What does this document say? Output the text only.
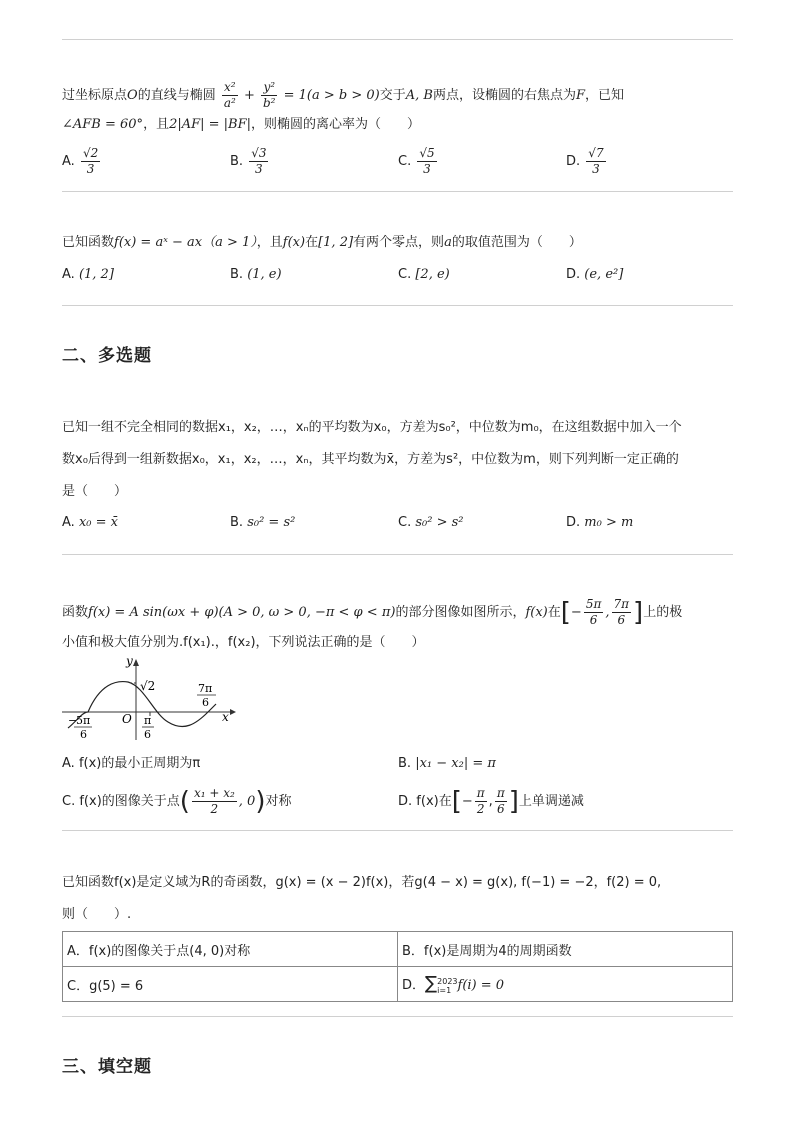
过坐标原点O的直线与椭圆 $\frac{\text{x²}}{\text{a²}} + \frac{\text{y²}}{\text{b²}} = 1(a > b > 0)$交于A, B两点，设椭圆的右焦点为F，已知
∠AFB = 60°，且2|AF| = |BF|，则椭圆的离心率为（　　）
A. $\frac{√2}{3}$	B. $\frac{√3}{3}$	C. $\frac{√5}{3}$	D. $\frac{√7}{3}$
已知函数f(x) = aˣ − ax（a > 1），且f(x)在[1, 2]有两个零点，则a的取值范围为（　　）
A. (1, 2]	B. (1, e)	C. [2, e)	D. (e, e²]
二、多选题
已知一组不完全相同的数据x₁，x₂，…，xₙ的平均数为x₀，方差为s₀²，中位数为m₀，在这组数据中加入一个
数x₀后得到一组新数据x₀，x₁，x₂，…，xₙ，其平均数为x̄，方差为s²，中位数为m，则下列判断一定正确的
是（　　）
A. x₀ = x̄	B. s₀² = s²	C. s₀² > s²	D. m₀ > m
函数f(x) = A sin(ωx + φ)(A > 0, ω > 0, −π < φ < π)的部分图像如图所示，f(x)在[− $\frac{5\pi}{6}$ , $\frac{7\pi}{6}$ ]上的极
小值和极大值分别为.f(x₁).，f(x₂)，下列说法正确的是（　　）
y
x
O
√2
−
5π
6
π
6
7π
6
A. f(x)的最小正周期为π	B. |x₁ − x₂| = π
C. f(x)的图像关于点( $\frac{\text{x₁ + x₂}}{2}$ , 0)对称	D. f(x)在[− $\frac{\pi}{2}$ , $\frac{\pi}{6}$ ]上单调递减
已知函数f(x)是定义域为R的奇函数，g(x) = (x − 2)f(x)，若g(4 − x) = g(x), f(−1) = −2，f(2) = 0,
则（　　）.
A．f(x)的图像关于点(4, 0)对称	B．f(x)是周期为4的周期函数
C．g(5) = 6	D．∑ 2023
i=1 f(i) = 0
三、填空题
